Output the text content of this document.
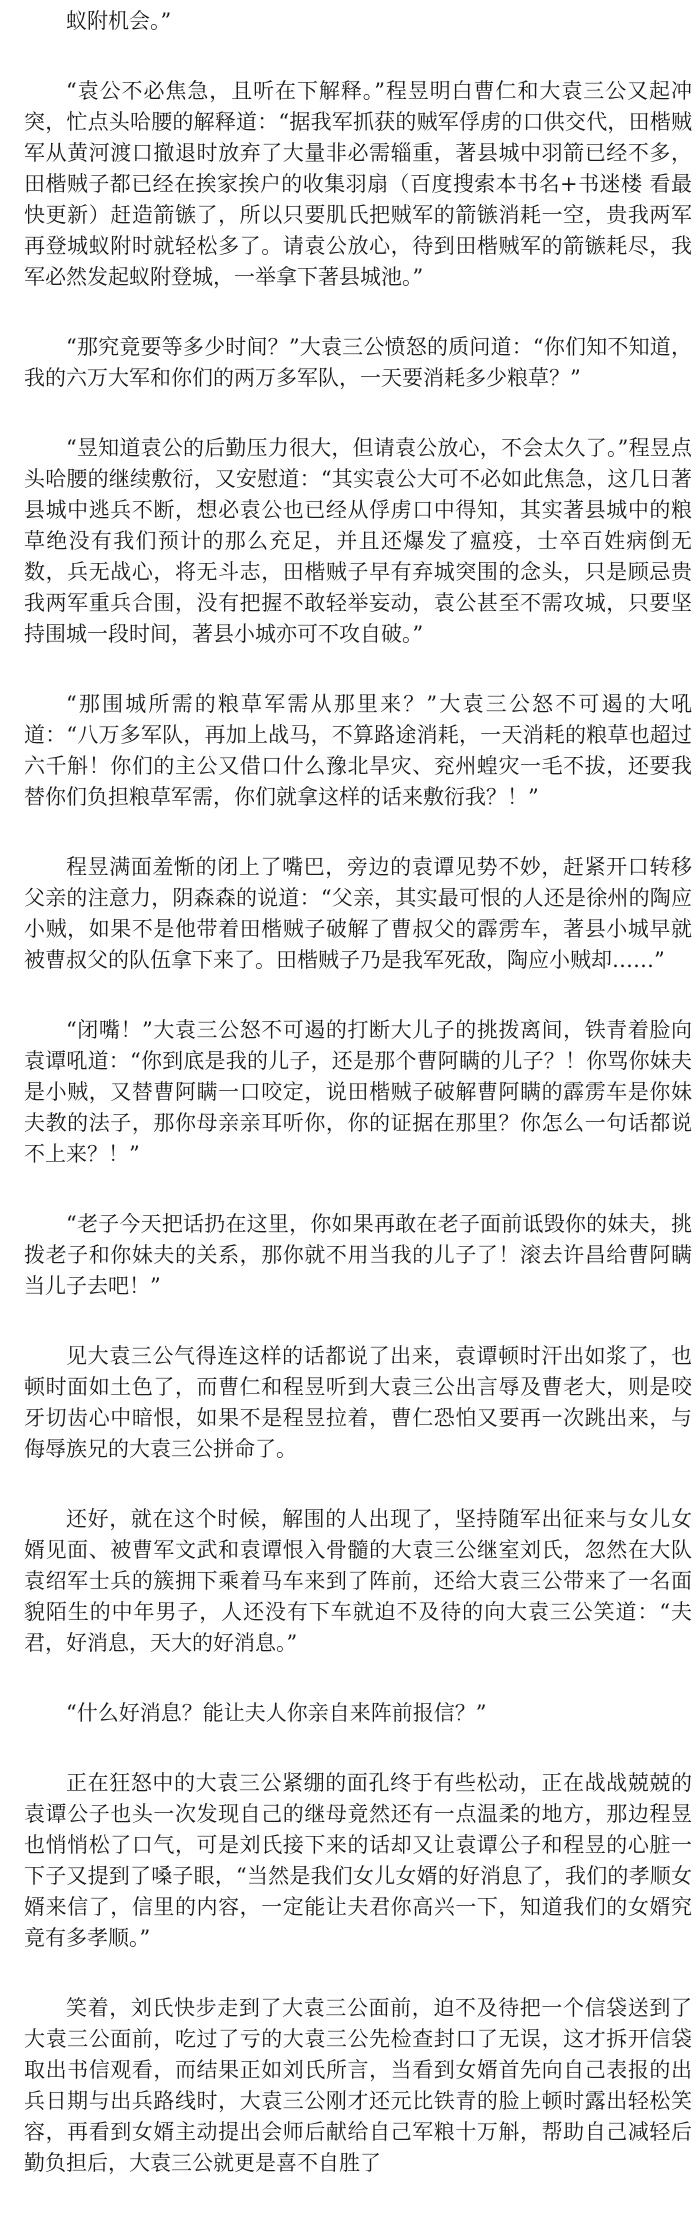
蚁附机会。”

“袁公不必焦急，且听在下解释。”程昱明白曹仁和大袁三公又起冲突，忙点头哈腰的解释道：“据我军抓获的贼军俘虏的口供交代，田楷贼军从黄河渡口撤退时放弃了大量非必需辎重，著县城中羽箭已经不多，田楷贼子都已经在挨家挨户的收集羽扇（百度搜索本书名+书迷楼 看最快更新）赶造箭镞了，所以只要肌氏把贼军的箭镞消耗一空，贵我两军再登城蚁附时就轻松多了。请袁公放心，待到田楷贼军的箭镞耗尽，我军必然发起蚁附登城，一举拿下著县城池。”

“那究竟要等多少时间？”大袁三公愤怒的质问道：“你们知不知道，我的六万大军和你们的两万多军队，一天要消耗多少粮草？”

“昱知道袁公的后勤压力很大，但请袁公放心，不会太久了。”程昱点头哈腰的继续敷衍，又安慰道：“其实袁公大可不必如此焦急，这几日著县城中逃兵不断，想必袁公也已经从俘虏口中得知，其实著县城中的粮草绝没有我们预计的那么充足，并且还爆发了瘟疫，士卒百姓病倒无数，兵无战心，将无斗志，田楷贼子早有弃城突围的念头，只是顾忌贵我两军重兵合围，没有把握不敢轻举妄动，袁公甚至不需攻城，只要坚持围城一段时间，著县小城亦可不攻自破。”

“那围城所需的粮草军需从那里来？”大袁三公怒不可遏的大吼道：“八万多军队，再加上战马，不算路途消耗，一天消耗的粮草也超过六千斛！你们的主公又借口什么豫北旱灾、兖州蝗灾一毛不拔，还要我替你们负担粮草军需，你们就拿这样的话来敷衍我？！”

程昱满面羞惭的闭上了嘴巴，旁边的袁谭见势不妙，赶紧开口转移父亲的注意力，阴森森的说道：“父亲，其实最可恨的人还是徐州的陶应小贼，如果不是他带着田楷贼子破解了曹叔父的霹雳车，著县小城早就被曹叔父的队伍拿下来了。田楷贼子乃是我军死敌，陶应小贼却……”

“闭嘴！”大袁三公怒不可遏的打断大儿子的挑拨离间，铁青着脸向袁谭吼道：“你到底是我的儿子，还是那个曹阿瞒的儿子？！你骂你妹夫是小贼，又替曹阿瞒一口咬定，说田楷贼子破解曹阿瞒的霹雳车是你妹夫教的法子，那你母亲亲耳听你，你的证据在那里？你怎么一句话都说不上来？！”

“老子今天把话扔在这里，你如果再敢在老子面前诋毁你的妹夫，挑拨老子和你妹夫的关系，那你就不用当我的儿子了！滚去许昌给曹阿瞒当儿子去吧！”

见大袁三公气得连这样的话都说了出来，袁谭顿时汗出如浆了，也顿时面如土色了，而曹仁和程昱听到大袁三公出言辱及曹老大，则是咬牙切齿心中暗恨，如果不是程昱拉着，曹仁恐怕又要再一次跳出来，与侮辱族兄的大袁三公拼命了。

还好，就在这个时候，解围的人出现了，坚持随军出征来与女儿女婿见面、被曹军文武和袁谭恨入骨髓的大袁三公继室刘氏，忽然在大队袁绍军士兵的簇拥下乘着马车来到了阵前，还给大袁三公带来了一名面貌陌生的中年男子，人还没有下车就迫不及待的向大袁三公笑道：“夫君，好消息，天大的好消息。”

“什么好消息？能让夫人你亲自来阵前报信？”

正在狂怒中的大袁三公紧绷的面孔终于有些松动，正在战战兢兢的袁谭公子也头一次发现自己的继母竟然还有一点温柔的地方，那边程昱也悄悄松了口气，可是刘氏接下来的话却又让袁谭公子和程昱的心脏一下子又提到了嗓子眼，“当然是我们女儿女婿的好消息了，我们的孝顺女婿来信了，信里的内容，一定能让夫君你高兴一下，知道我们的女婿究竟有多孝顺。”

笑着，刘氏快步走到了大袁三公面前，迫不及待把一个信袋送到了大袁三公面前，吃过了亏的大袁三公先检查封口了无误，这才拆开信袋取出书信观看，而结果正如刘氏所言，当看到女婿首先向自己表报的出兵日期与出兵路线时，大袁三公刚才还元比铁青的脸上顿时露出轻松笑容，再看到女婿主动提出会师后献给自己军粮十万斛，帮助自己减轻后勤负担后，大袁三公就更是喜不自胜了
